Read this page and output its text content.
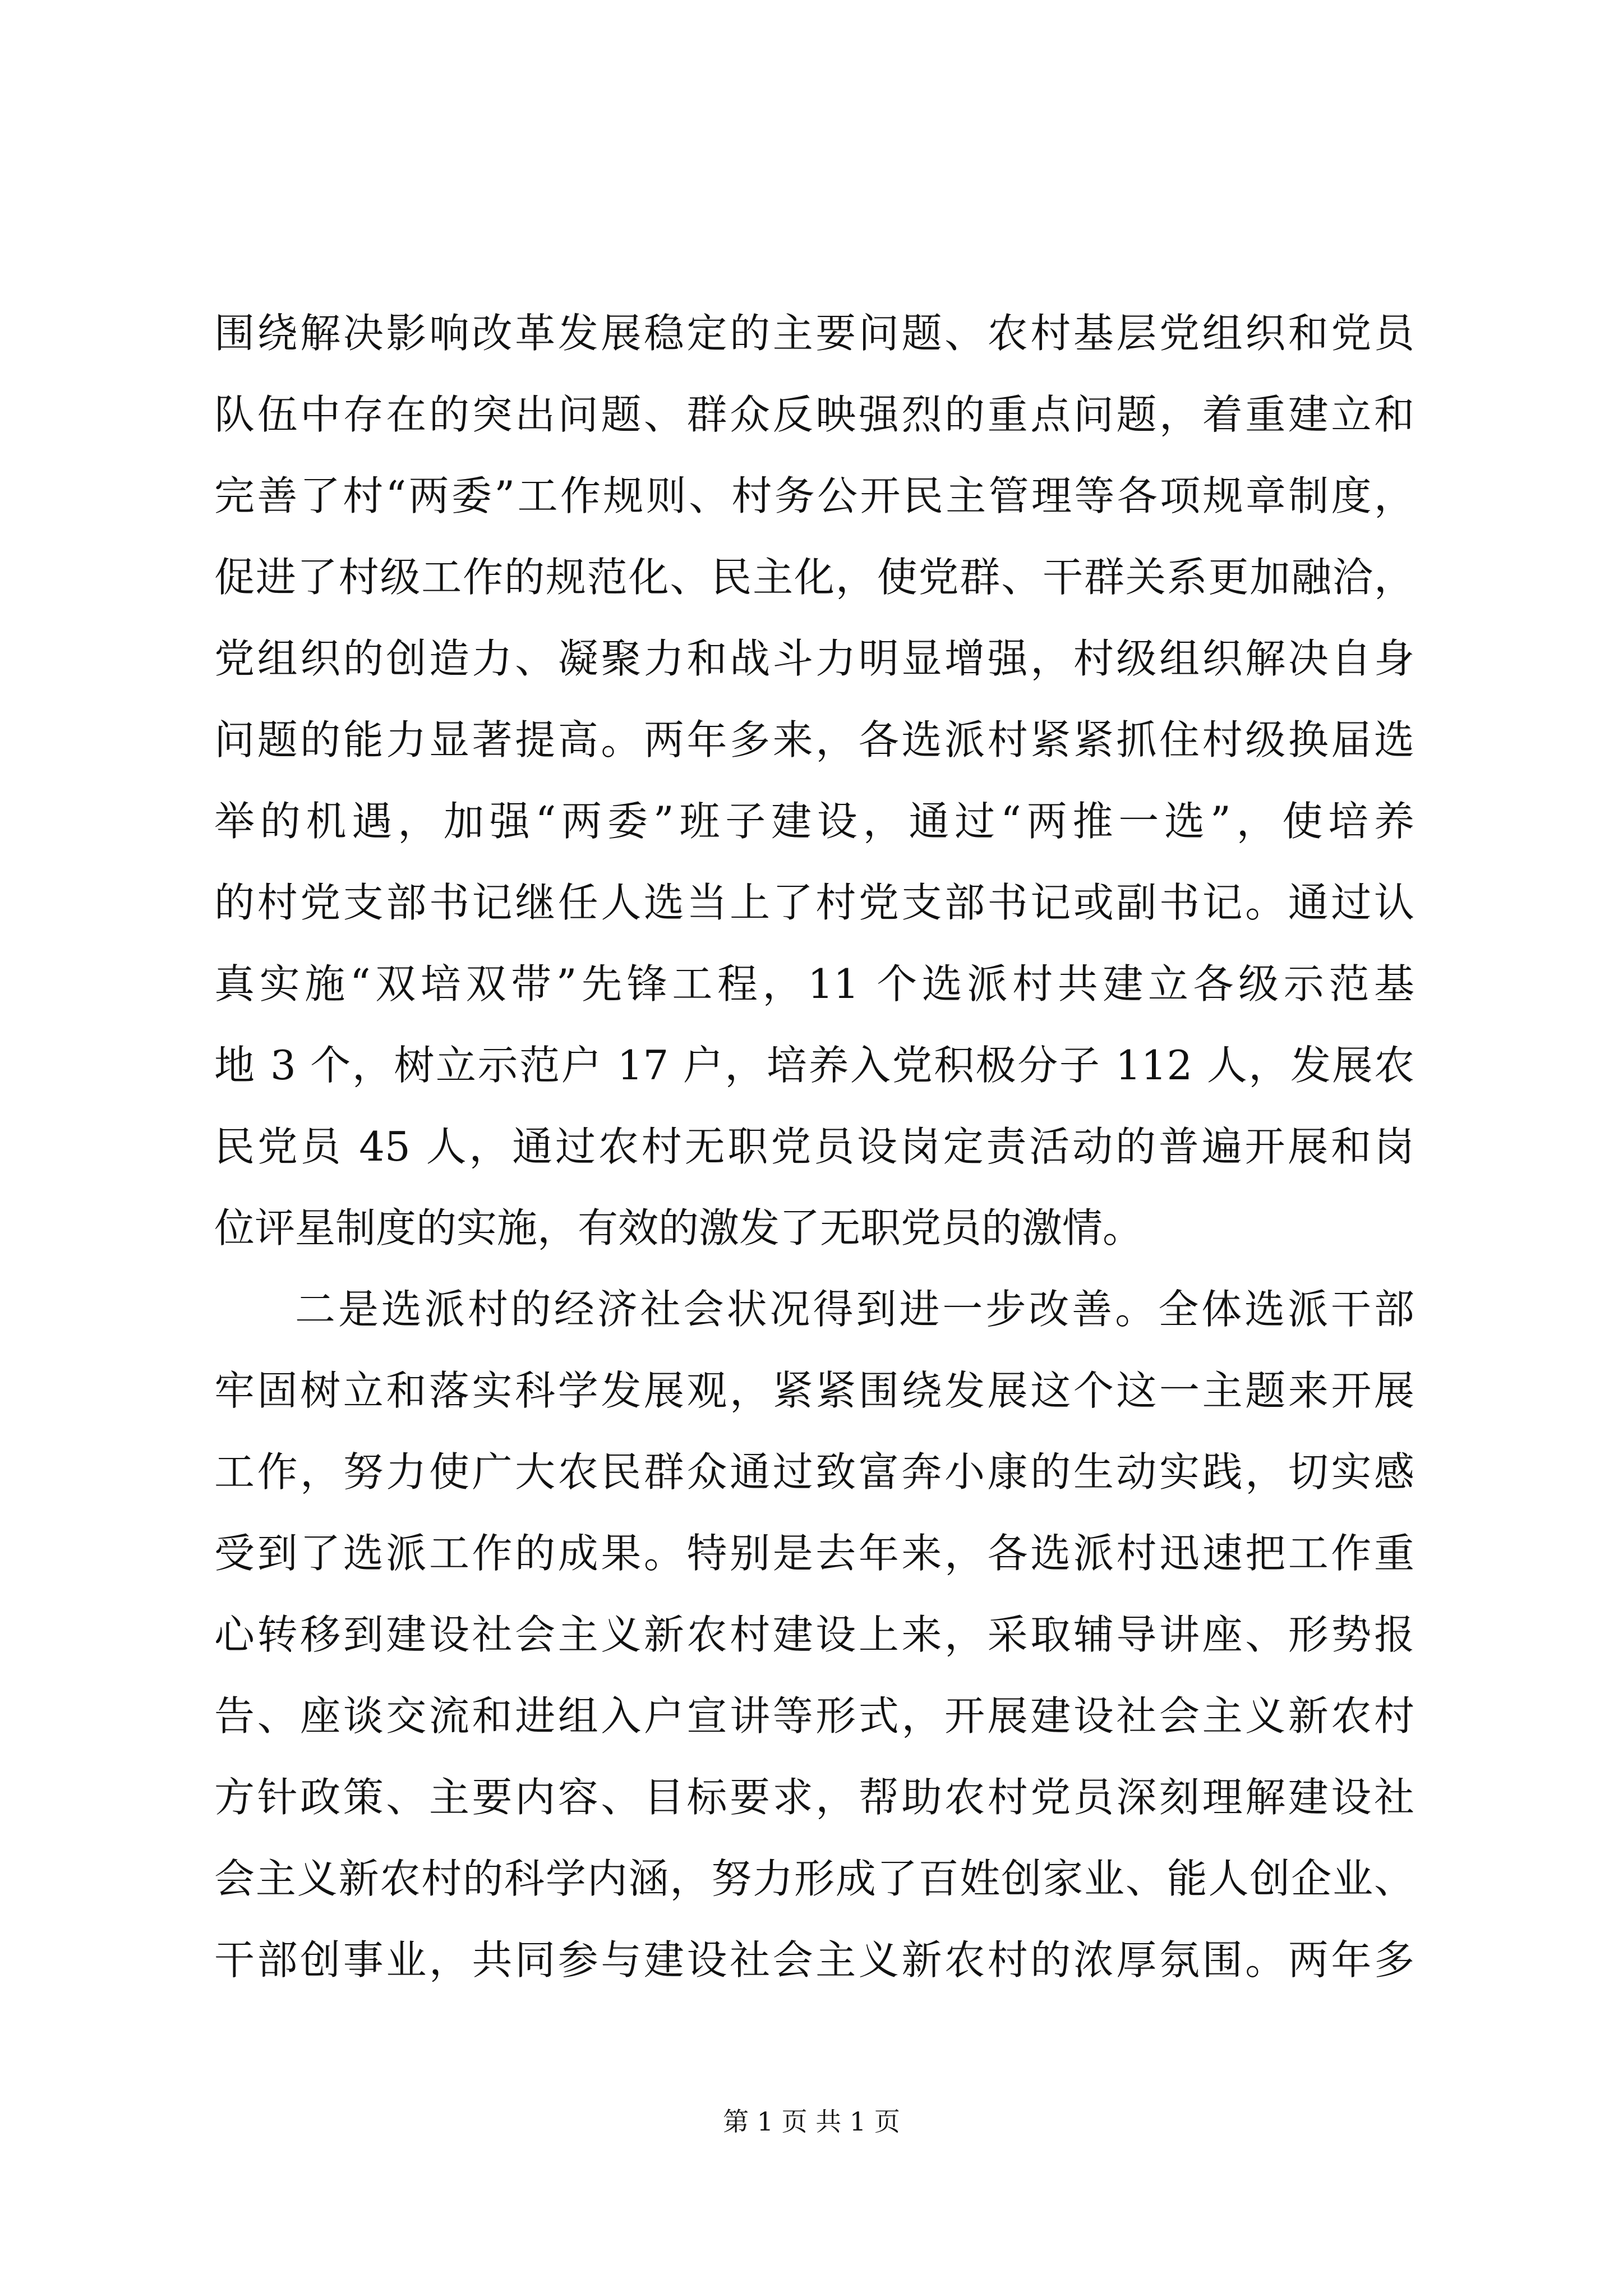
围绕解决影响改革发展稳定的主要问题、农村基层党组织和党员
队伍中存在的突出问题、群众反映强烈的重点问题，着重建立和
完善了村“两委”工作规则、村务公开民主管理等各项规章制度，
促进了村级工作的规范化、民主化，使党群、干群关系更加融洽，
党组织的创造力、凝聚力和战斗力明显增强，村级组织解决自身
问题的能力显著提高。两年多来，各选派村紧紧抓住村级换届选
举的机遇，加强“两委”班子建设，通过“两推一选”，使培养
的村党支部书记继任人选当上了村党支部书记或副书记。通过认
真实施“双培双带”先锋工程，11 个选派村共建立各级示范基
地 3 个，树立示范户 17 户，培养入党积极分子 112 人，发展农
民党员 45 人，通过农村无职党员设岗定责活动的普遍开展和岗
位评星制度的实施，有效的激发了无职党员的激情。
二是选派村的经济社会状况得到进一步改善。全体选派干部
牢固树立和落实科学发展观，紧紧围绕发展这个这一主题来开展
工作，努力使广大农民群众通过致富奔小康的生动实践，切实感
受到了选派工作的成果。特别是去年来，各选派村迅速把工作重
心转移到建设社会主义新农村建设上来，采取辅导讲座、形势报
告、座谈交流和进组入户宣讲等形式，开展建设社会主义新农村
方针政策、主要内容、目标要求，帮助农村党员深刻理解建设社
会主义新农村的科学内涵，努力形成了百姓创家业、能人创企业、
干部创事业，共同参与建设社会主义新农村的浓厚氛围。两年多
第 1 页 共 1 页
